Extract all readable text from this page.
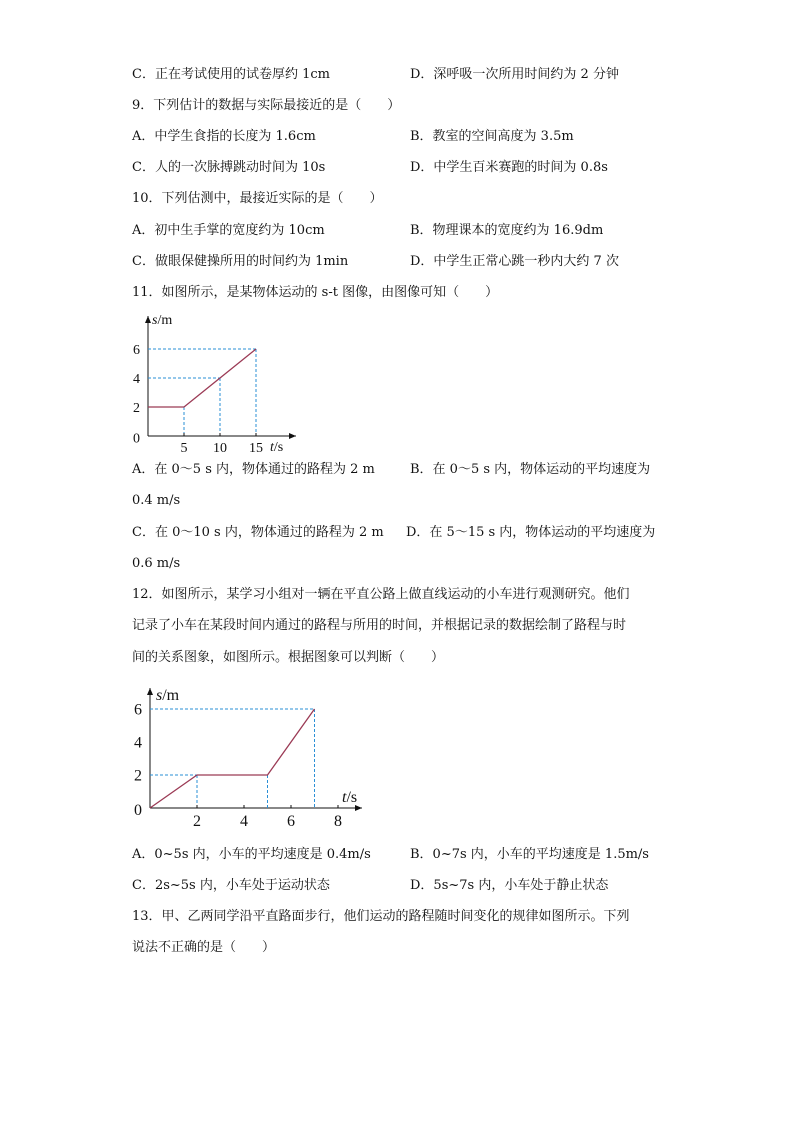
C．正在考试使用的试卷厚约 1cm	D．深呼吸一次所用时间约为 2 分钟
9．下列估计的数据与实际最接近的是（　　）
A．中学生食指的长度为 1.6cm	B．教室的空间高度为 3.5m
C．人的一次脉搏跳动时间为 10s	D．中学生百米赛跑的时间为 0.8s
10．下列估测中，最接近实际的是（　　）
A．初中生手掌的宽度约为 10cm	B．物理课本的宽度约为 16.9dm
C．做眼保健操所用的时间约为 1min	D．中学生正常心跳一秒内大约 7 次
11．如图所示，是某物体运动的 s-t 图像，由图像可知（　　）
5 10 15
2
4
6
0
s/m
t/s
A．在 0～5 s 内，物体通过的路程为 2 m	B．在 0～5 s 内，物体运动的平均速度为
0.4 m/s
C．在 0～10 s 内，物体通过的路程为 2 m D．在 5～15 s 内，物体运动的平均速度为
0.6 m/s
12．如图所示，某学习小组对一辆在平直公路上做直线运动的小车进行观测研究。他们
记录了小车在某段时间内通过的路程与所用的时间，并根据记录的数据绘制了路程与时
间的关系图象，如图所示。根据图象可以判断（　　）
2 4 6 8
2
4
6
0
s/m
t/s
A．0~5s 内，小车的平均速度是 0.4m/s	B．0~7s 内，小车的平均速度是 1.5m/s
C．2s~5s 内，小车处于运动状态	D．5s~7s 内，小车处于静止状态
13．甲、乙两同学沿平直路面步行，他们运动的路程随时间变化的规律如图所示。下列
说法不正确的是（　　）
